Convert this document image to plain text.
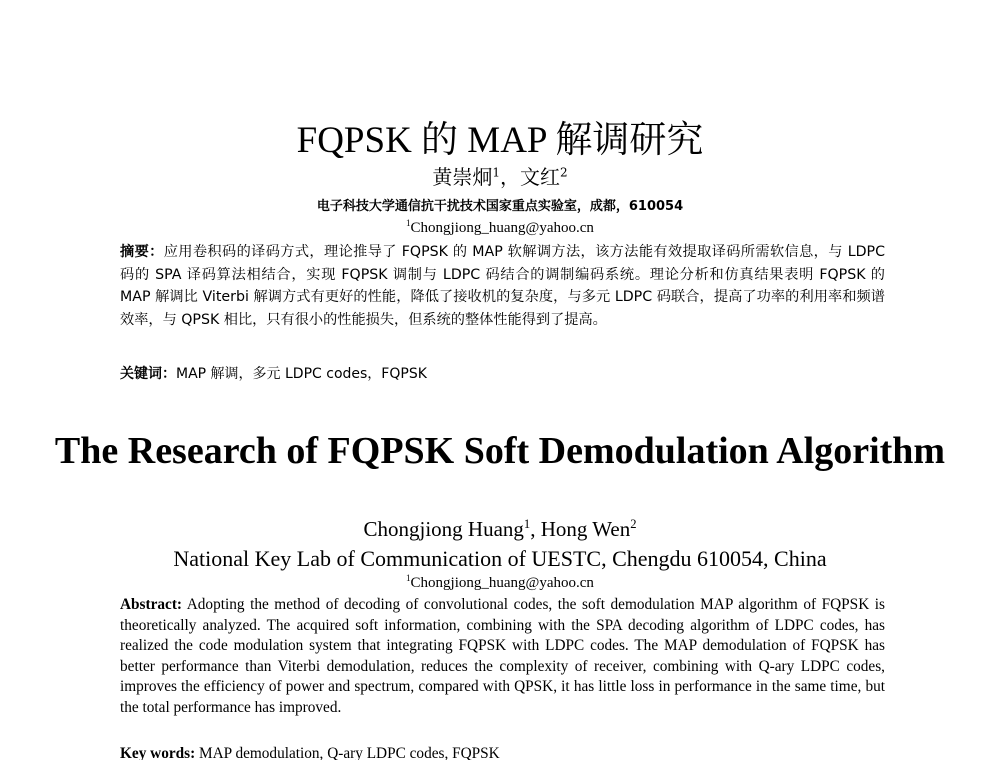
FQPSK 的 MAP 解调研究
黄崇炯$^1$，文红$^2$
电子科技大学通信抗干扰技术国家重点实验室，成都，610054
$^1$Chongjiong_huang@yahoo.cn
摘要：应用卷积码的译码方式，理论推导了 FQPSK 的 MAP 软解调方法，该方法能有效提取译码所需软信息，与 LDPC 码的 SPA 译码算法相结合，实现 FQPSK 调制与 LDPC 码结合的调制编码系统。理论分析和仿真结果表明 FQPSK 的 MAP 解调比 Viterbi 解调方式有更好的性能，降低了接收机的复杂度，与多元 LDPC 码联合，提高了功率的利用率和频谱效率，与 QPSK 相比，只有很小的性能损失，但系统的整体性能得到了提高。
关键词：MAP 解调，多元 LDPC codes，FQPSK
The Research of FQPSK Soft Demodulation Algorithm
Chongjiong Huang$^1$, Hong Wen$^2$
National Key Lab of Communication of UESTC, Chengdu 610054, China
$^1$Chongjiong_huang@yahoo.cn
Abstract: Adopting the method of decoding of convolutional codes, the soft demodulation MAP algorithm of FQPSK is theoretically analyzed. The acquired soft information, combining with the SPA decoding algorithm of LDPC codes, has realized the code modulation system that integrating FQPSK with LDPC codes. The MAP demodulation of FQPSK has better performance than Viterbi demodulation, reduces the complexity of receiver, combining with Q-ary LDPC codes, improves the efficiency of power and spectrum, compared with QPSK, it has little loss in performance in the same time, but the total performance has improved.
Key words: MAP demodulation, Q-ary LDPC codes, FQPSK
